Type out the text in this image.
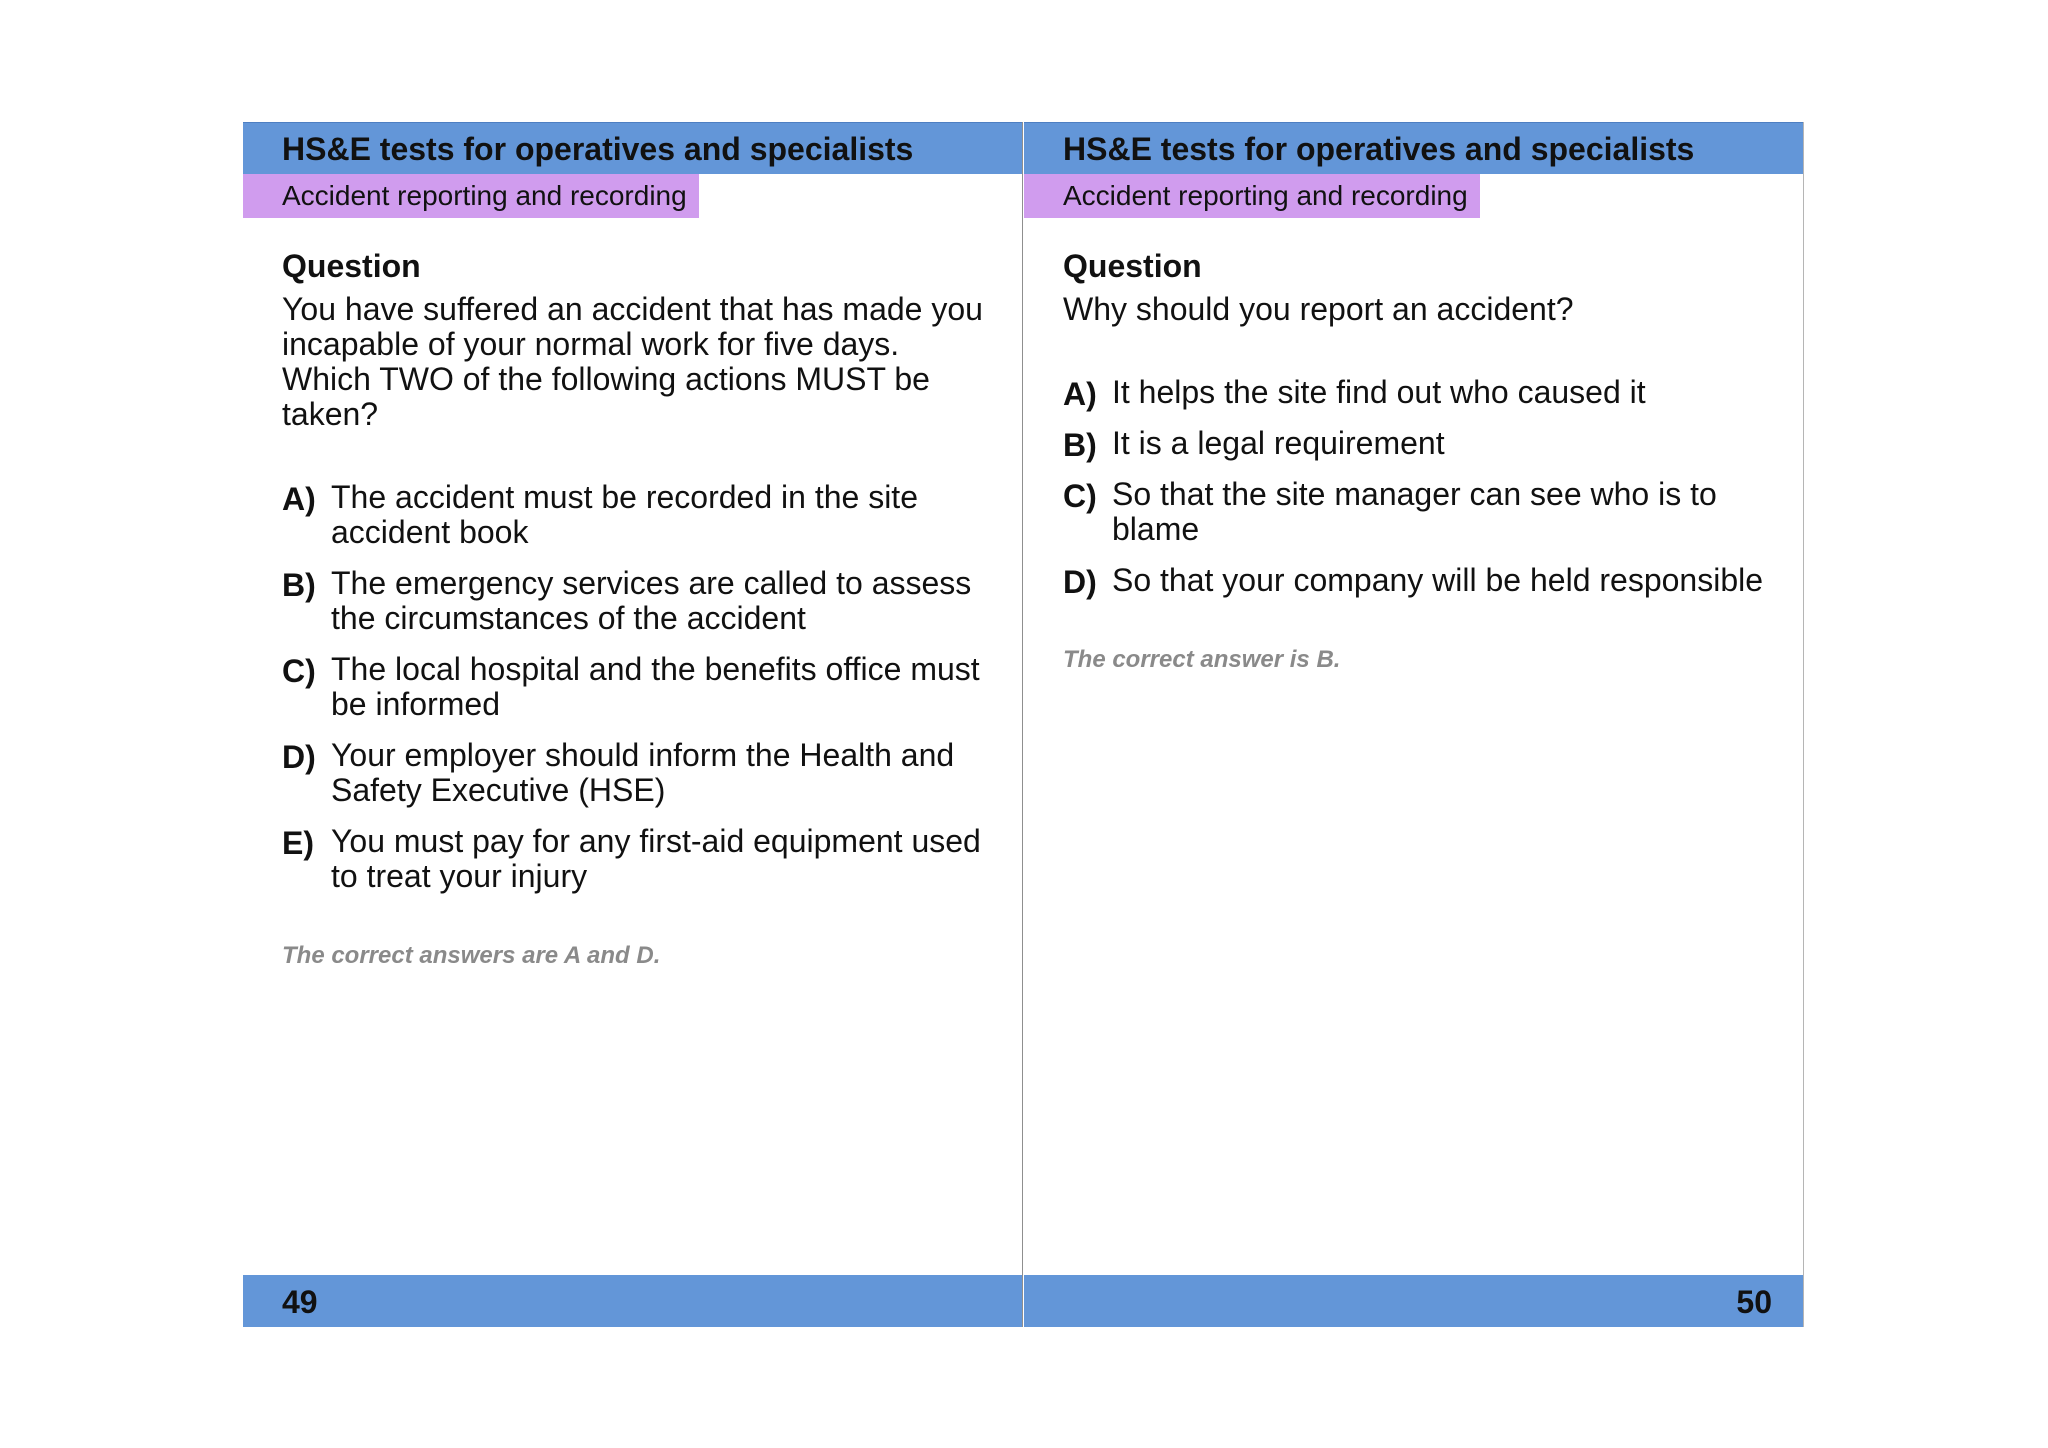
HS&E tests for operatives and specialists
Accident reporting and recording
Question
You have suffered an accident that has made you incapable of your normal work for five days. Which TWO of the following actions MUST be taken?
A) The accident must be recorded in the site accident book
B) The emergency services are called to assess the circumstances of the accident
C) The local hospital and the benefits office must be informed
D) Your employer should inform the Health and Safety Executive (HSE)
E) You must pay for any first-aid equipment used to treat your injury
The correct answers are A and D.
49
HS&E tests for operatives and specialists
Accident reporting and recording
Question
Why should you report an accident?
A) It helps the site find out who caused it
B) It is a legal requirement
C) So that the site manager can see who is to blame
D) So that your company will be held responsible
The correct answer is B.
50
